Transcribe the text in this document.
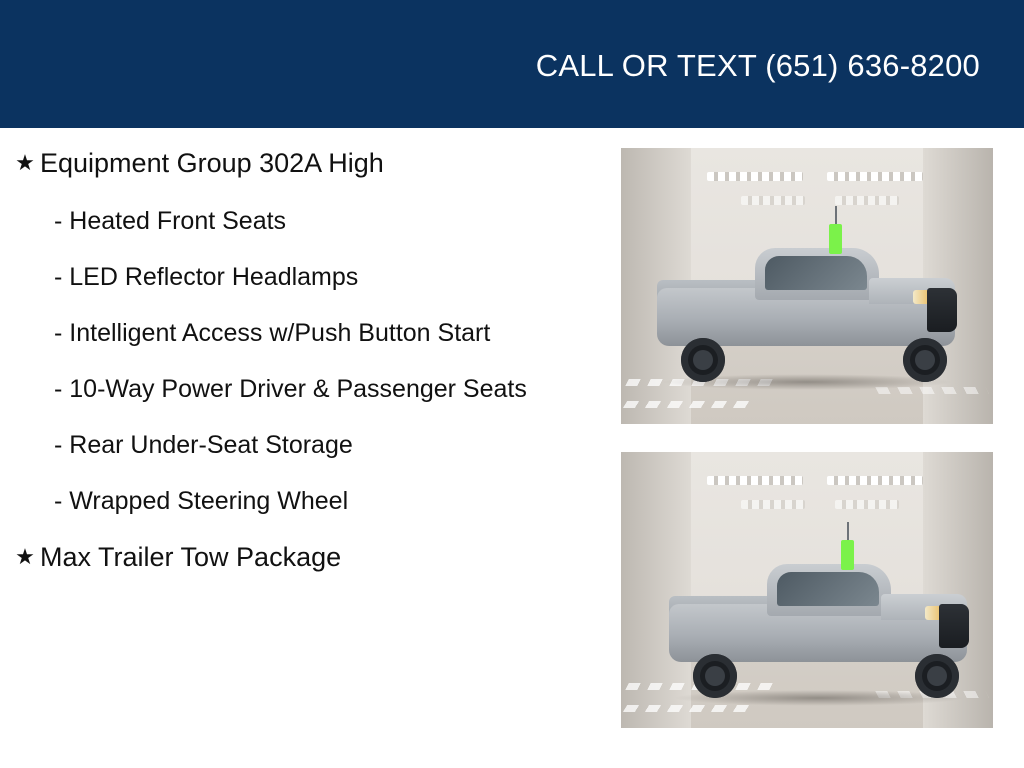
CALL OR TEXT (651) 636-8200
★ Equipment Group 302A High
- Heated Front Seats
- LED Reflector Headlamps
- Intelligent Access w/Push Button Start
- 10-Way Power Driver & Passenger Seats
- Rear Under-Seat Storage
- Wrapped Steering Wheel
★ Max Trailer Tow Package
